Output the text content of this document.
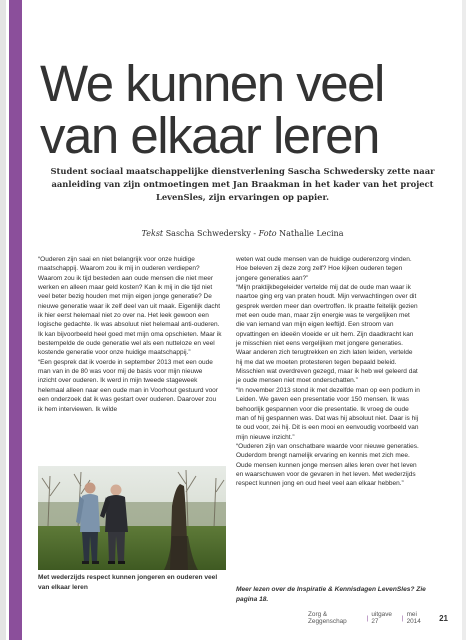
We kunnen veel
van elkaar leren

Student sociaal maatschappelijke dienstverlening Sascha Schwedersky zette naar aanleiding van zijn ontmoetingen met Jan Braakman in het kader van het project LevenSles, zijn ervaringen op papier.

Tekst Sascha Schwedersky - Foto Nathalie Lecina

“Ouderen zijn saai en niet belangrijk voor onze huidige maatschappij. Waarom zou ik mij in ouderen verdiepen? Waarom zou ik tijd besteden aan oude mensen die niet meer werken en alleen maar geld kosten? Kan ik mij in die tijd niet veel beter bezig houden met mijn eigen jonge generatie? De nieuwe generatie waar ik zelf deel van uit maak. Eigenlijk dacht ik hier eerst helemaal niet zo over na. Het leek gewoon een logische gedachte. Ik was absoluut niet helemaal anti-ouderen. Ik kan bijvoorbeeld heel goed met mijn oma opschieten. Maar ik bestempelde de oude generatie wel als een nutteloze en veel kostende generatie voor onze huidige maatschappij.”

“Een gesprek dat ik voerde in september 2013 met een oude man van in de 80 was voor mij de basis voor mijn nieuwe inzicht over ouderen. Ik werd in mijn tweede stageweek helemaal alleen naar een oude man in Voorhout gestuurd voor een onderzoek dat ik was gestart over ouderen. Daarover zou ik hem interviewen. Ik wilde

weten wat oude mensen van de huidige ouderenzorg vinden. Hoe beleven zij deze zorg zelf? Hoe kijken ouderen tegen jongere generaties aan?”

“Mijn praktijkbegeleider vertelde mij dat de oude man waar ik naartoe ging erg van praten houdt. Mijn verwachtingen over dit gesprek werden meer dan overtroffen. Ik praatte feitelijk gezien met een oude man, maar zijn energie was te vergelijken met die van iemand van mijn eigen leeftijd. Een stroom van opvattingen en ideeën vloeide er uit hem. Zijn daadkracht kan je misschien niet eens vergelijken met jongere generaties. Waar anderen zich terugtrekken en zich laten leiden, vertelde hij me dat we moeten protesteren tegen bepaald beleid. Misschien wat overdreven gezegd, maar ik heb wel geleerd dat je oude mensen niet moet onderschatten.”

“In november 2013 stond ik met dezelfde man op een podium in Leiden. We gaven een presentatie voor 150 mensen. Ik was behoorlijk gespannen voor die presentatie. Ik vroeg de oude man of hij gespannen was. Dat was hij absoluut niet. Daar is hij te oud voor, zei hij. Dit is een mooi en eenvoudig voorbeeld van mijn nieuwe inzicht.”

“Ouderen zijn van onschatbare waarde voor nieuwe generaties. Ouderdom brengt namelijk ervaring en kennis met zich mee. Oude mensen kunnen jonge mensen alles leren over het leven en waarschuwen voor de gevaren in het leven. Met wederzijds respect kunnen jong en oud heel veel aan elkaar hebben.”

Met wederzijds respect kunnen jongeren en ouderen veel van elkaar leren	Meer lezen over de Inspiratie & Kennisdagen LevenSles? Zie pagina 18.

Zorg & Zeggenschap	| uitgave 27	| mei 2014	21
